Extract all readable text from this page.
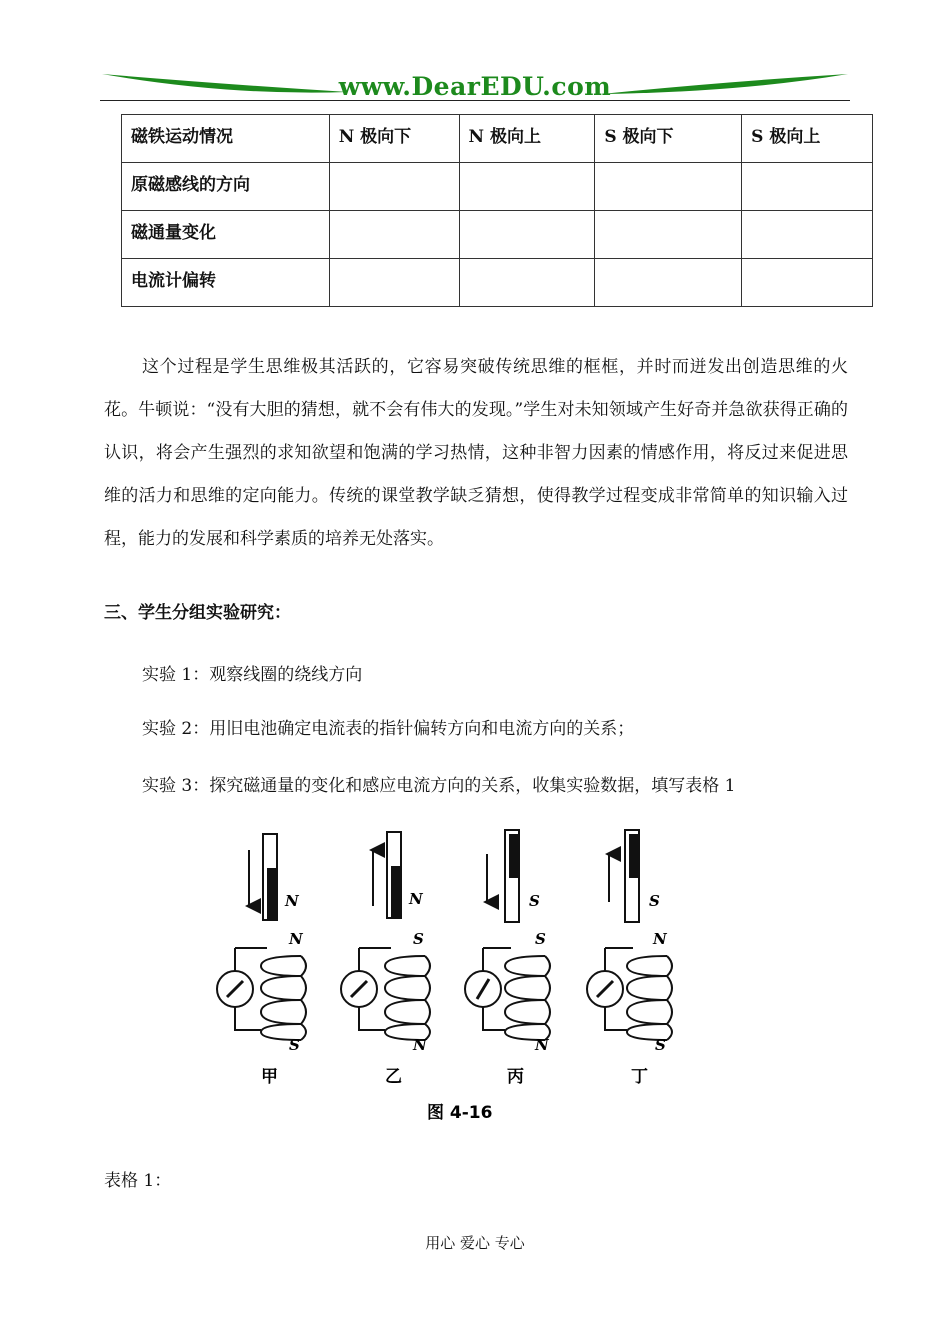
www.DearEDU.com
磁铁运动情况	N 极向下	N 极向上	S 极向下	S 极向上
原磁感线的方向				
磁通量变化				
电流计偏转				
这个过程是学生思维极其活跃的，它容易突破传统思维的框框，并时而迸发出创造思维的火花。牛顿说：“没有大胆的猜想，就不会有伟大的发现。”学生对未知领域产生好奇并急欲获得正确的认识，将会产生强烈的求知欲望和饱满的学习热情，这种非智力因素的情感作用，将反过来促进思维的活力和思维的定向能力。传统的课堂教学缺乏猜想，使得教学过程变成非常简单的知识输入过程，能力的发展和科学素质的培养无处落实。
三、学生分组实验研究：
实验 1：观察线圈的绕线方向
实验 2：用旧电池确定电流表的指针偏转方向和电流方向的关系；
实验 3：探究磁通量的变化和感应电流方向的关系，收集实验数据，填写表格 1
N
N
S
甲
N
S
N
乙
S
S
N
丙
S
N
S
丁
图 4-16
表格 1：
用心 爱心 专心
